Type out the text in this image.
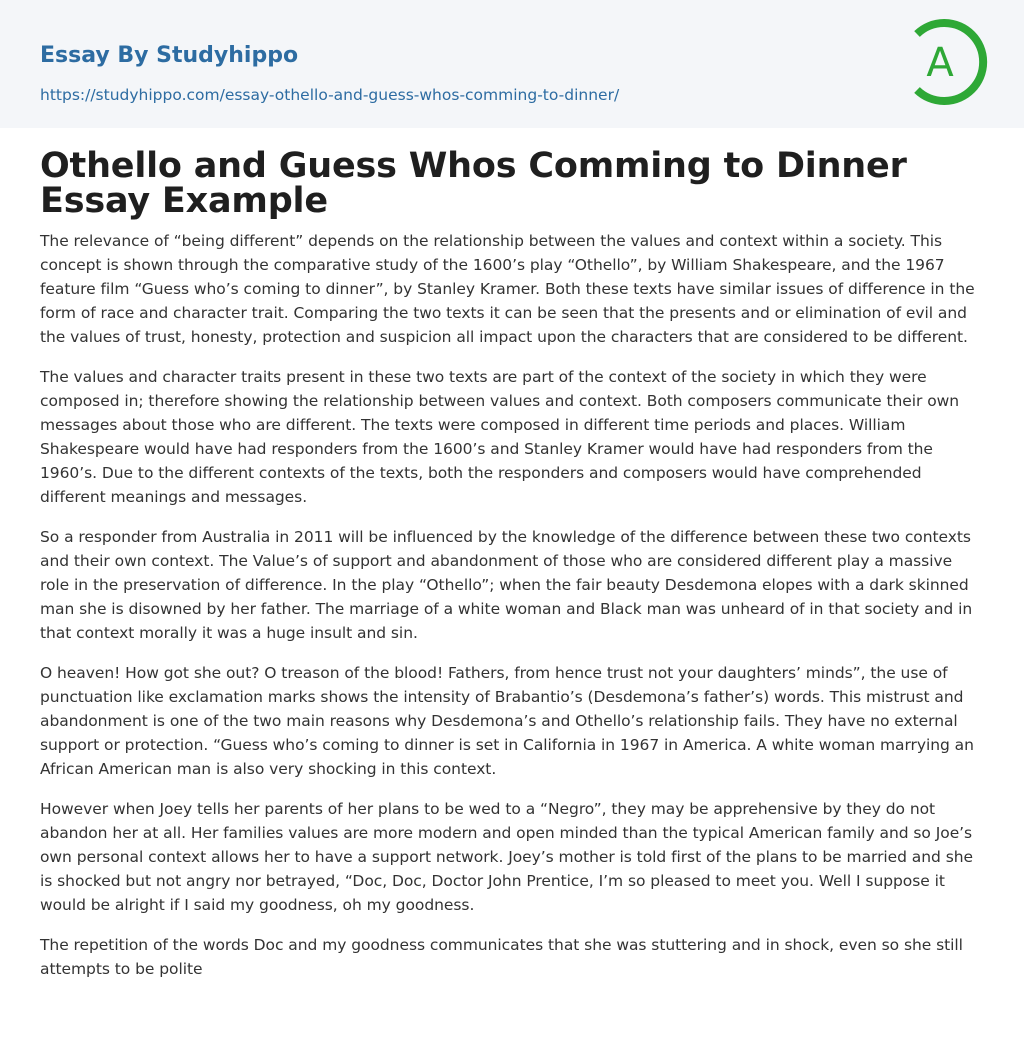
Essay By Studyhippo
https://studyhippo.com/essay-othello-and-guess-whos-comming-to-dinner/
A
Othello and Guess Whos Comming to Dinner Essay Example

The relevance of “being different” depends on the relationship between the values and context within a society. This concept is shown through the comparative study of the 1600’s play “Othello”, by William Shakespeare, and the 1967 feature film “Guess who’s coming to dinner”, by Stanley Kramer. Both these texts have similar issues of difference in the form of race and character trait. Comparing the two texts it can be seen that the presents and or elimination of evil and the values of trust, honesty, protection and suspicion all impact upon the characters that are considered to be different.

The values and character traits present in these two texts are part of the context of the society in which they were composed in; therefore showing the relationship between values and context. Both composers communicate their own messages about those who are different. The texts were composed in different time periods and places. William Shakespeare would have had responders from the 1600’s and Stanley Kramer would have had responders from the 1960’s. Due to the different contexts of the texts, both the responders and composers would have comprehended different meanings and messages.

So a responder from Australia in 2011 will be influenced by the knowledge of the difference between these two contexts and their own context. The Value’s of support and abandonment of those who are considered different play a massive role in the preservation of difference. In the play “Othello”; when the fair beauty Desdemona elopes with a dark skinned man she is disowned by her father. The marriage of a white woman and Black man was unheard of in that society and in that context morally it was a huge insult and sin.

O heaven! How got she out? O treason of the blood! Fathers, from hence trust not your daughters’ minds”, the use of punctuation like exclamation marks shows the intensity of Brabantio’s (Desdemona’s father’s) words. This mistrust and abandonment is one of the two main reasons why Desdemona’s and Othello’s relationship fails. They have no external support or protection. “Guess who’s coming to dinner is set in California in 1967 in America. A white woman marrying an African American man is also very shocking in this context.

However when Joey tells her parents of her plans to be wed to a “Negro”, they may be apprehensive by they do not abandon her at all. Her families values are more modern and open minded than the typical American family and so Joe’s own personal context allows her to have a support network. Joey’s mother is told first of the plans to be married and she is shocked but not angry nor betrayed, “Doc, Doc, Doctor John Prentice, I’m so pleased to meet you. Well I suppose it would be alright if I said my goodness, oh my goodness.

The repetition of the words Doc and my goodness communicates that she was stuttering and in shock, even so she still attempts to be polite
